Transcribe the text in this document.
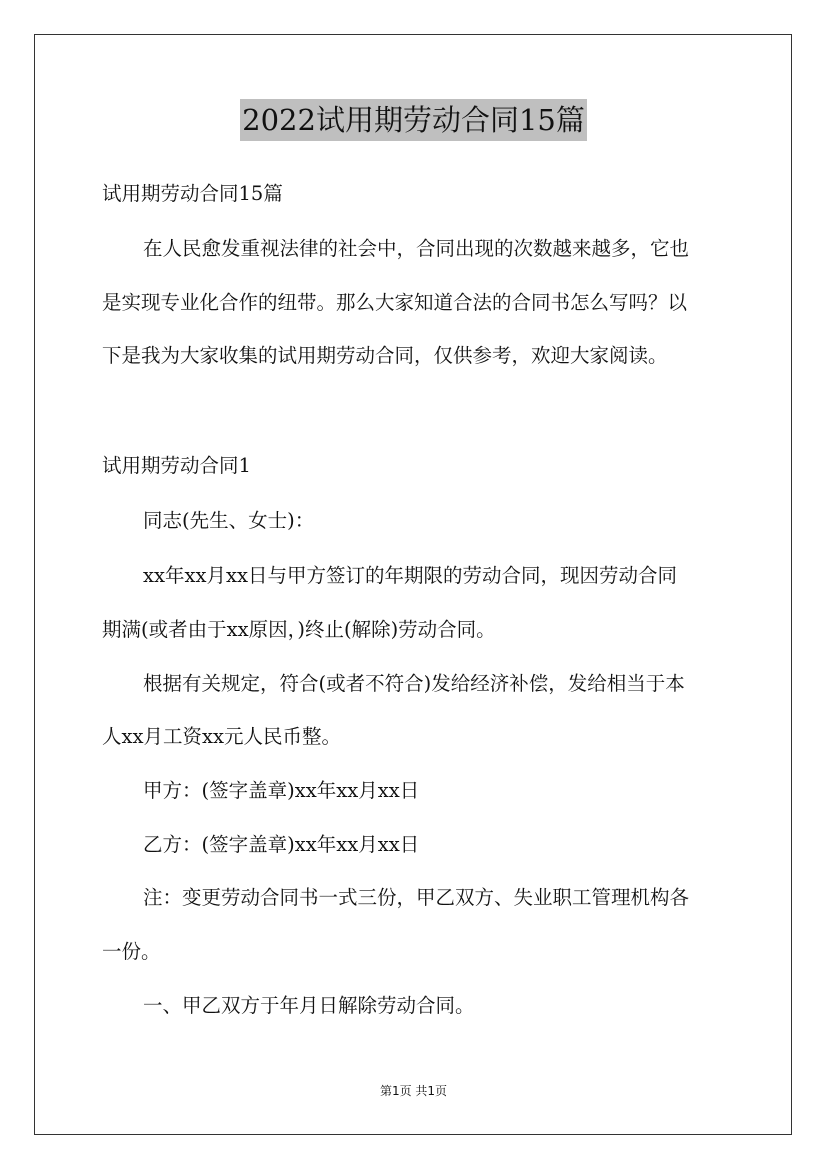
2022试用期劳动合同15篇
试用期劳动合同15篇
在人民愈发重视法律的社会中，合同出现的次数越来越多，它也
是实现专业化合作的纽带。那么大家知道合法的合同书怎么写吗？以
下是我为大家收集的试用期劳动合同，仅供参考，欢迎大家阅读。
试用期劳动合同1
同志(先生、女士)：
xx年xx月xx日与甲方签订的年期限的劳动合同，现因劳动合同
期满(或者由于xx原因，)终止(解除)劳动合同。
根据有关规定，符合(或者不符合)发给经济补偿，发给相当于本
人xx月工资xx元人民币整。
甲方：(签字盖章)xx年xx月xx日
乙方：(签字盖章)xx年xx月xx日
注：变更劳动合同书一式三份，甲乙双方、失业职工管理机构各
一份。
一、甲乙双方于年月日解除劳动合同。
第1页 共1页
